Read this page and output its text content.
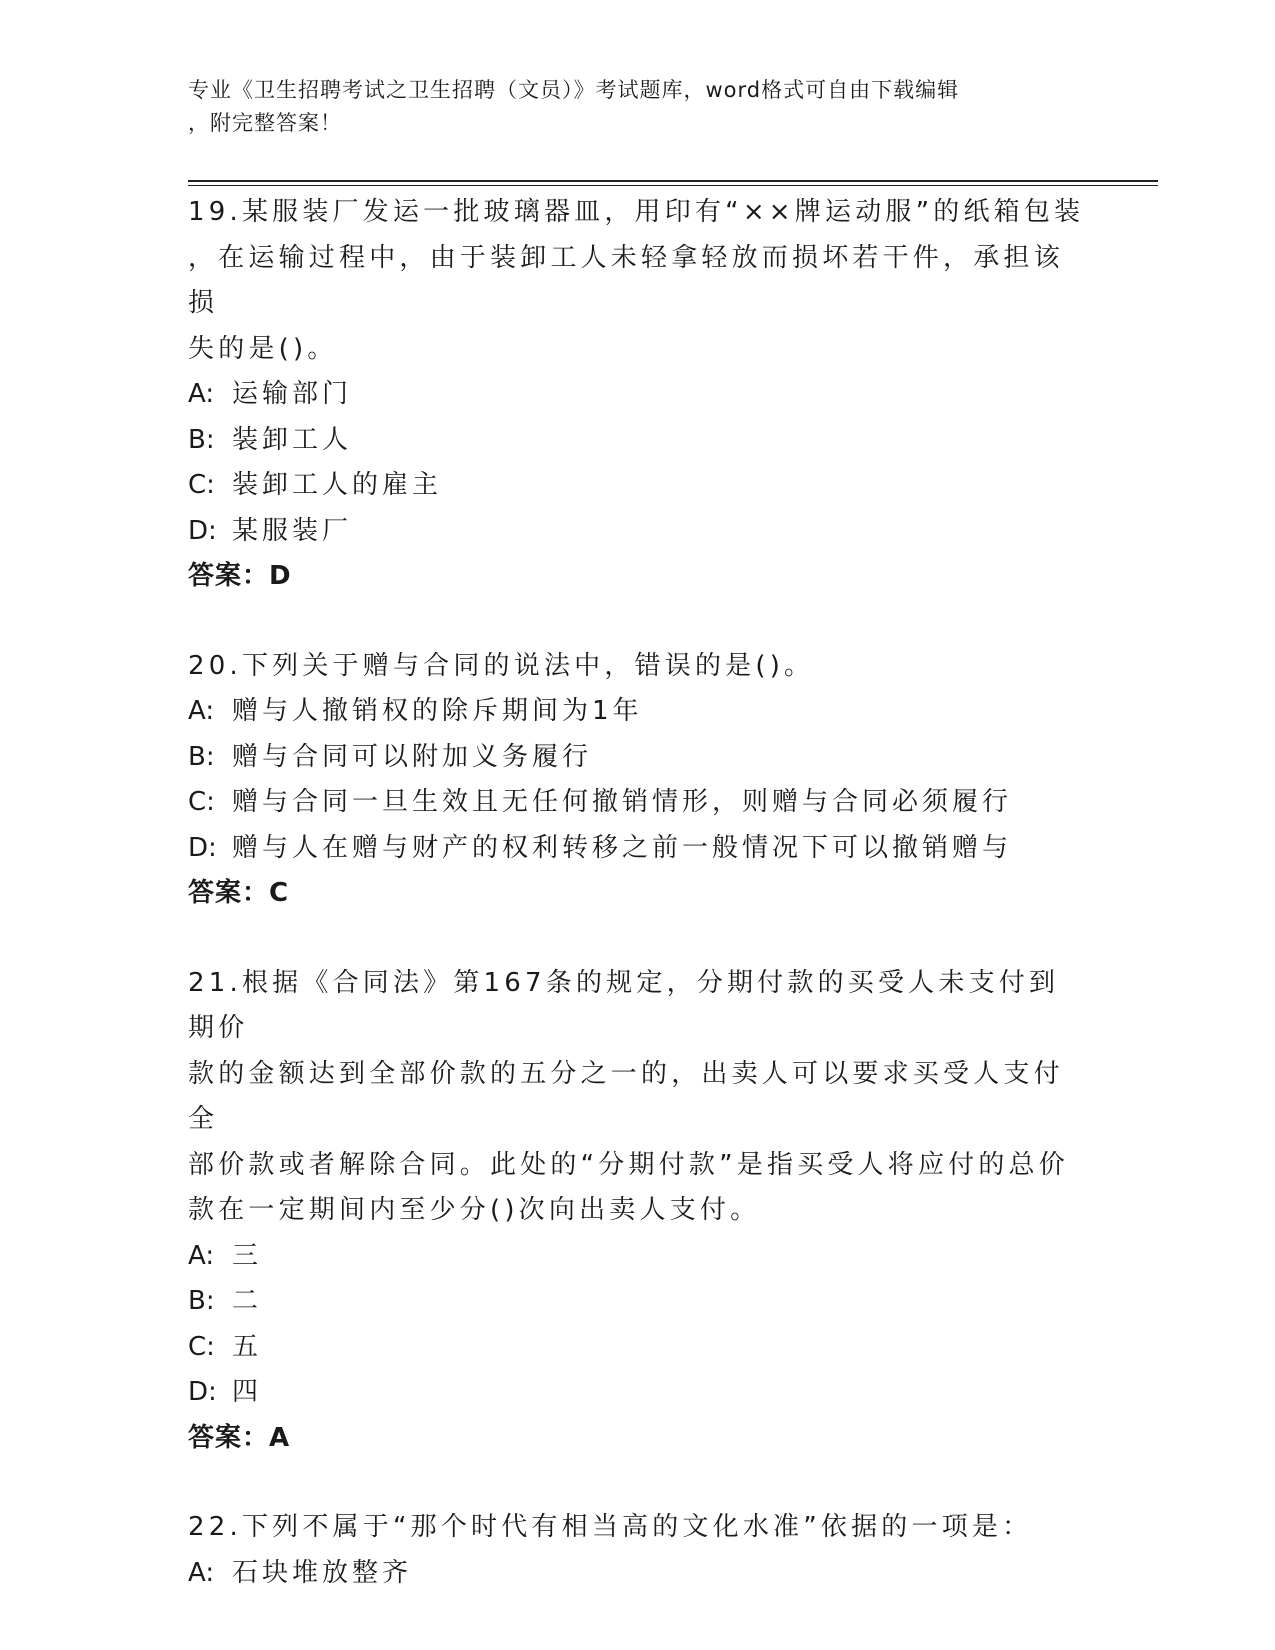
专业《卫生招聘考试之卫生招聘（文员）》考试题库，word格式可自由下载编辑
，附完整答案！

19.某服装厂发运一批玻璃器皿，用印有“××牌运动服”的纸箱包装

，在运输过程中，由于装卸工人未轻拿轻放而损坏若干件，承担该损

失的是()。

A: 运输部门

B: 装卸工人

C: 装卸工人的雇主

D: 某服装厂

答案：D

20.下列关于赠与合同的说法中，错误的是()。

A: 赠与人撤销权的除斥期间为1年

B: 赠与合同可以附加义务履行

C: 赠与合同一旦生效且无任何撤销情形，则赠与合同必须履行

D: 赠与人在赠与财产的权利转移之前一般情况下可以撤销赠与

答案：C

21.根据《合同法》第167条的规定，分期付款的买受人未支付到期价

款的金额达到全部价款的五分之一的，出卖人可以要求买受人支付全

部价款或者解除合同。此处的“分期付款”是指买受人将应付的总价

款在一定期间内至少分()次向出卖人支付。

A: 三

B: 二

C: 五

D: 四

答案：A

22.下列不属于“那个时代有相当高的文化水准”依据的一项是：

A: 石块堆放整齐
